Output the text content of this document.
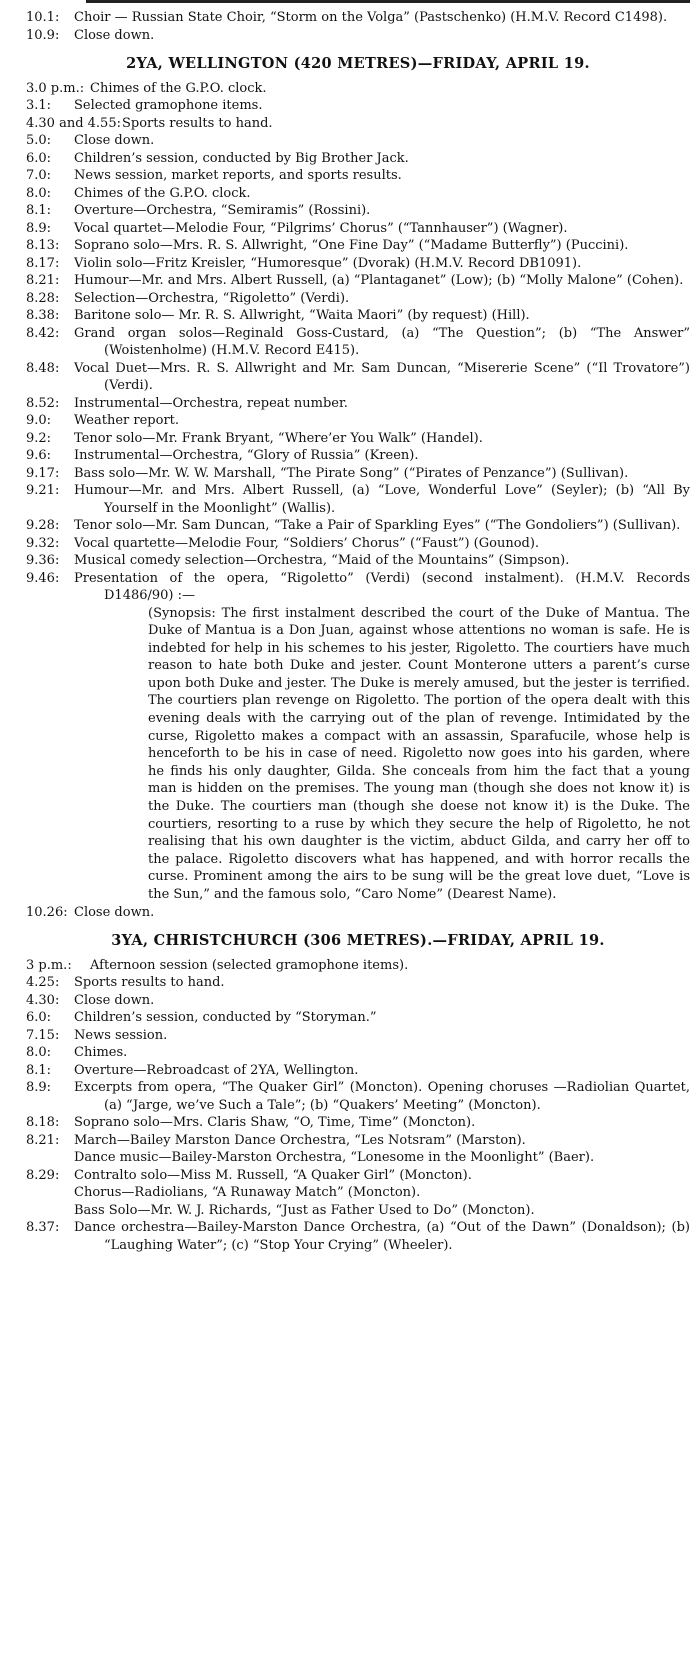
10.1:	Choir — Russian State Choir, “Storm on the Volga” (Pastschenko) (H.M.V. Record C1498).
10.9:	Close down.
2YA, WELLINGTON (420 METRES)—FRIDAY, APRIL 19.
3.0 p.m.: Chimes of the G.P.O. clock.
3.1:	Selected gramophone items.
4.30 and 4.55: Sports results to hand.
5.0:	Close down.
6.0:	Children’s session, conducted by Big Brother Jack.
7.0:	News session, market reports, and sports results.
8.0:	Chimes of the G.P.O. clock.
8.1:	Overture—Orchestra, “Semiramis” (Rossini).
8.9:	Vocal quartet—Melodie Four, “Pilgrims’ Chorus” (“Tannhauser”) (Wagner).
8.13:	Soprano solo—Mrs. R. S. Allwright, “One Fine Day” (“Madame Butterfly”) (Puccini).
8.17:	Violin solo—Fritz Kreisler, “Humoresque” (Dvorak) (H.M.V. Record DB1091).
8.21:	Humour—Mr. and Mrs. Albert Russell, (a) “Plantaganet” (Low); (b) “Molly Malone” (Cohen).
8.28:	Selection—Orchestra, “Rigoletto” (Verdi).
8.38:	Baritone solo— Mr. R. S. Allwright, “Waita Maori” (by request) (Hill).
8.42:	Grand organ solos—Reginald Goss-Custard, (a) “The Question”; (b) “The Answer” (Woistenholme) (H.M.V. Record E415).
8.48:	Vocal Duet—Mrs. R. S. Allwright and Mr. Sam Duncan, “Misererie Scene” (“Il Trovatore”) (Verdi).
8.52:	Instrumental—Orchestra, repeat number.
9.0:	Weather report.
9.2:	Tenor solo—Mr. Frank Bryant, “Where’er You Walk” (Handel).
9.6:	Instrumental—Orchestra, “Glory of Russia” (Kreen).
9.17:	Bass solo—Mr. W. W. Marshall, “The Pirate Song” (“Pirates of Penzance”) (Sullivan).
9.21:	Humour—Mr. and Mrs. Albert Russell, (a) “Love, Wonderful Love” (Seyler); (b) “All By Yourself in the Moonlight” (Wallis).
9.28:	Tenor solo—Mr. Sam Duncan, “Take a Pair of Sparkling Eyes” (“The Gondoliers”) (Sullivan).
9.32:	Vocal quartette—Melodie Four, “Soldiers’ Chorus” (“Faust”) (Gounod).
9.36:	Musical comedy selection—Orchestra, “Maid of the Mountains” (Simpson).
9.46:	Presentation of the opera, “Rigoletto” (Verdi) (second instalment). (H.M.V. Records D1486/90) :—
(Synopsis: The first instalment described the court of the Duke of Mantua. The Duke of Mantua is a Don Juan, against whose attentions no woman is safe. He is indebted for help in his schemes to his jester, Rigoletto. The courtiers have much reason to hate both Duke and jester. Count Monterone utters a parent’s curse upon both Duke and jester. The Duke is merely amused, but the jester is terrified. The courtiers plan revenge on Rigoletto. The portion of the opera dealt with this evening deals with the carrying out of the plan of revenge. Intimidated by the curse, Rigoletto makes a compact with an assassin, Sparafucile, whose help is henceforth to be his in case of need. Rigoletto now goes into his garden, where he finds his only daughter, Gilda. She conceals from him the fact that a young man is hidden on the premises. The young man (though she does not know it) is the Duke. The courtiers man (though she doese not know it) is the Duke. The courtiers, resorting to a ruse by which they secure the help of Rigoletto, he not realising that his own daughter is the victim, abduct Gilda, and carry her off to the palace. Rigoletto discovers what has happened, and with horror recalls the curse. Prominent among the airs to be sung will be the great love duet, “Love is the Sun,” and the famous solo, “Caro Nome” (Dearest Name).
10.26: Close down.
3YA, CHRISTCHURCH (306 METRES).—FRIDAY, APRIL 19.
3 p.m.:	Afternoon session (selected gramophone items).
4.25:	Sports results to hand.
4.30:	Close down.
6.0:	Children’s session, conducted by “Storyman.”
7.15:	News session.
8.0:	Chimes.
8.1:	Overture—Rebroadcast of 2YA, Wellington.
8.9:	Excerpts from opera, “The Quaker Girl” (Moncton). Opening choruses —Radiolian Quartet, (a) “Jarge, we’ve Such a Tale”; (b) “Quakers’ Meeting” (Moncton).
8.18:	Soprano solo—Mrs. Claris Shaw, “O, Time, Time” (Moncton).
8.21:	March—Bailey Marston Dance Orchestra, “Les Notsram” (Marston).
Dance music—Bailey-Marston Orchestra, “Lonesome in the Moonlight” (Baer).
8.29:	Contralto solo—Miss M. Russell, “A Quaker Girl” (Moncton).
Chorus—Radiolians, “A Runaway Match” (Moncton).
Bass Solo—Mr. W. J. Richards, “Just as Father Used to Do” (Moncton).
8.37:	Dance orchestra—Bailey-Marston Dance Orchestra, (a) “Out of the Dawn” (Donaldson); (b) “Laughing Water”; (c) “Stop Your Crying” (Wheeler).
